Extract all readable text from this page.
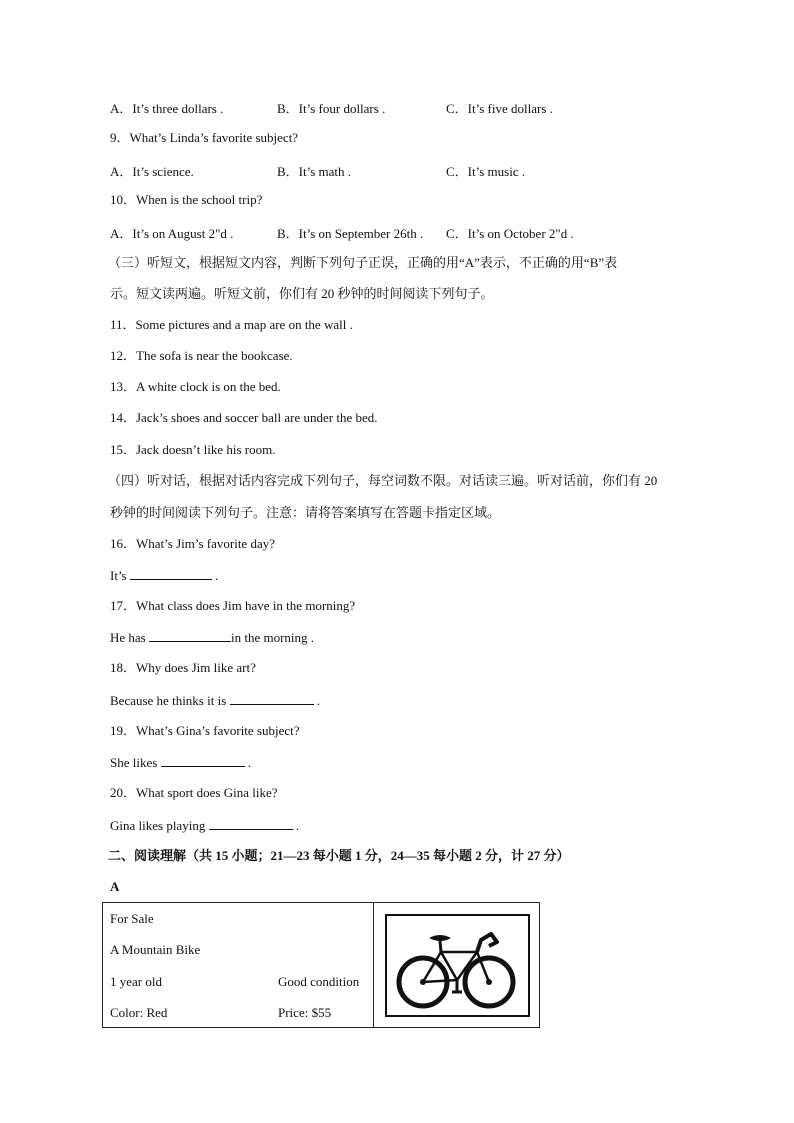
A．It’s three dollars .	B．It’s four dollars .	C．It’s five dollars .
9．What’s Linda’s favorite subject?
A．It’s science.	B．It’s math .	C．It’s music .
10．When is the school trip?
A．It’s on August 2"d .	B．It’s on September 26th . C．It’s on October 2"d .
（三）听短文，根据短文内容，判断下列句子正误，正确的用“A”表示，不正确的用“B”表
示。短文读两遍。听短文前，你们有 20 秒钟的时间阅读下列句子。
11．Some pictures and a map are on the wall .
12．The sofa is near the bookcase.
13．A white clock is on the bed.
14．Jack’s shoes and soccer ball are under the bed.
15．Jack doesn’t like his room.
（四）听对话，根据对话内容完成下列句子，每空词数不限。对话读三遍。听对话前，你们有 20
秒钟的时间阅读下列句子。注意：请将答案填写在答题卡指定区域。
16．What’s Jim’s favorite day?
It’s	.
17．What class does Jim have in the morning?
He has	in the morning .
18．Why does Jim like art?
Because he thinks it is	.
19．What’s Gina’s favorite subject?
She likes	.
20．What sport does Gina like?
Gina likes playing	.
二、阅读理解（共 15 小题；21—23 每小题 1 分，24—35 每小题 2 分，计 27 分）
A
For Sale
A Mountain Bike
1 year old	Good condition
Color: Red	Price: $55
